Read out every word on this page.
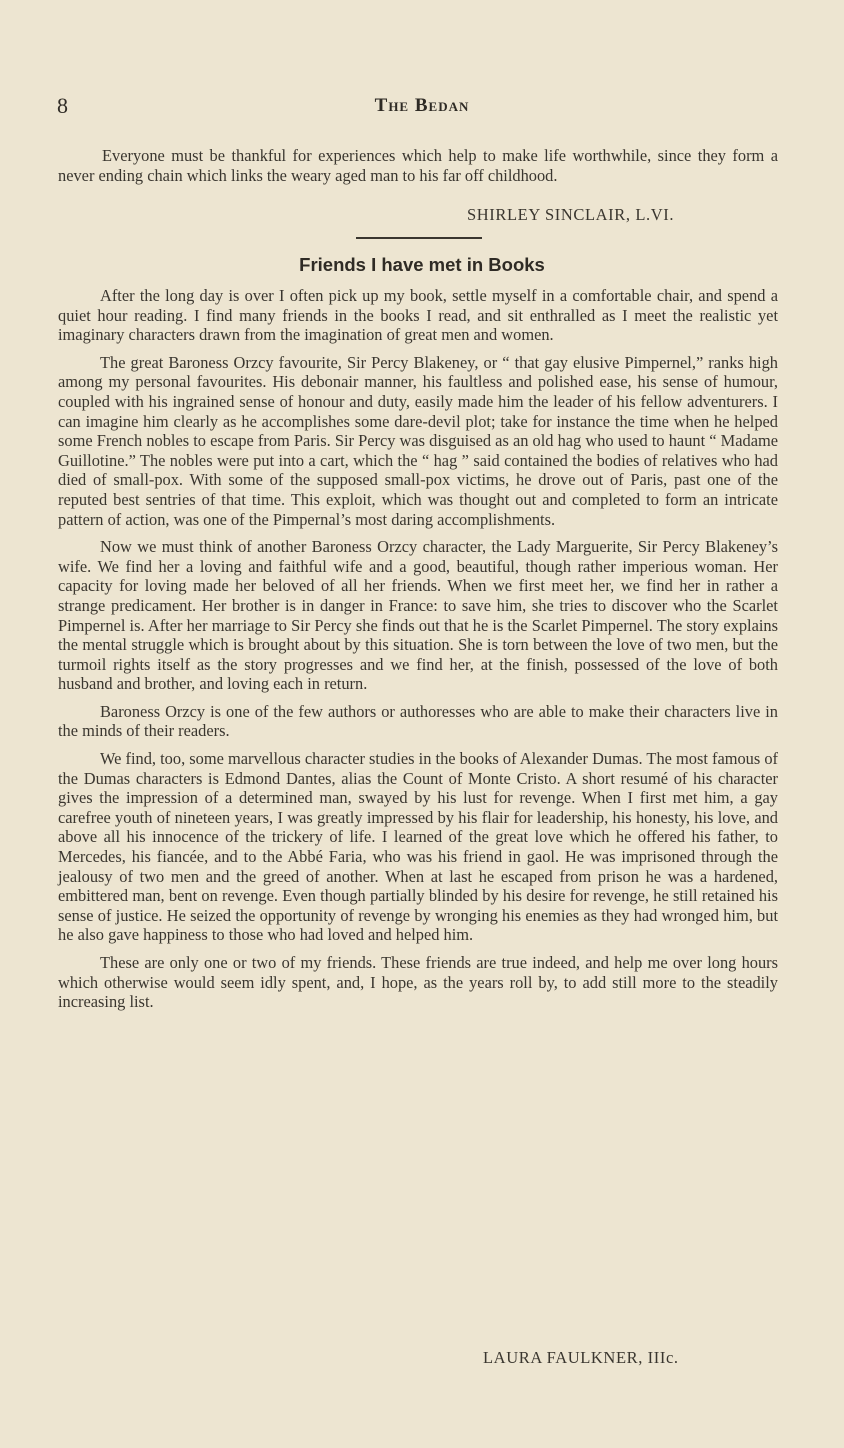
8	The Bedan
Everyone must be thankful for experiences which help to make life worthwhile, since they form a never ending chain which links the weary aged man to his far off childhood.
SHIRLEY SINCLAIR, L.VI.
Friends I have met in Books

After the long day is over I often pick up my book, settle myself in a comfortable chair, and spend a quiet hour reading. I find many friends in the books I read, and sit enthralled as I meet the realistic yet imaginary characters drawn from the imagination of great men and women.

The great Baroness Orzcy favourite, Sir Percy Blakeney, or “ that gay elusive Pimpernel,” ranks high among my personal favourites. His debonair manner, his faultless and polished ease, his sense of humour, coupled with his ingrained sense of honour and duty, easily made him the leader of his fellow adventurers. I can imagine him clearly as he accomplishes some dare-devil plot; take for instance the time when he helped some French nobles to escape from Paris. Sir Percy was disguised as an old hag who used to haunt “ Madame Guillotine.” The nobles were put into a cart, which the “ hag ” said contained the bodies of relatives who had died of small-pox. With some of the supposed small-pox victims, he drove out of Paris, past one of the reputed best sentries of that time. This exploit, which was thought out and completed to form an intricate pattern of action, was one of the Pimpernal’s most daring accomplishments.

Now we must think of another Baroness Orzcy character, the Lady Marguerite, Sir Percy Blakeney’s wife. We find her a loving and faithful wife and a good, beautiful, though rather imperious woman. Her capacity for loving made her beloved of all her friends. When we first meet her, we find her in rather a strange predicament. Her brother is in danger in France: to save him, she tries to discover who the Scarlet Pimpernel is. After her marriage to Sir Percy she finds out that he is the Scarlet Pimpernel. The story explains the mental struggle which is brought about by this situation. She is torn between the love of two men, but the turmoil rights itself as the story progresses and we find her, at the finish, possessed of the love of both husband and brother, and loving each in return.

Baroness Orzcy is one of the few authors or authoresses who are able to make their characters live in the minds of their readers.

We find, too, some marvellous character studies in the books of Alexander Dumas. The most famous of the Dumas characters is Edmond Dantes, alias the Count of Monte Cristo. A short resumé of his character gives the impression of a determined man, swayed by his lust for revenge. When I first met him, a gay carefree youth of nineteen years, I was greatly impressed by his flair for leadership, his honesty, his love, and above all his innocence of the trickery of life. I learned of the great love which he offered his father, to Mercedes, his fiancée, and to the Abbé Faria, who was his friend in gaol. He was imprisoned through the jealousy of two men and the greed of another. When at last he escaped from prison he was a hardened, embittered man, bent on revenge. Even though partially blinded by his desire for revenge, he still retained his sense of justice. He seized the opportunity of revenge by wronging his enemies as they had wronged him, but he also gave happiness to those who had loved and helped him.

These are only one or two of my friends. These friends are true indeed, and help me over long hours which otherwise would seem idly spent, and, I hope, as the years roll by, to add still more to the steadily increasing list.

LAURA FAULKNER, IIIc.
